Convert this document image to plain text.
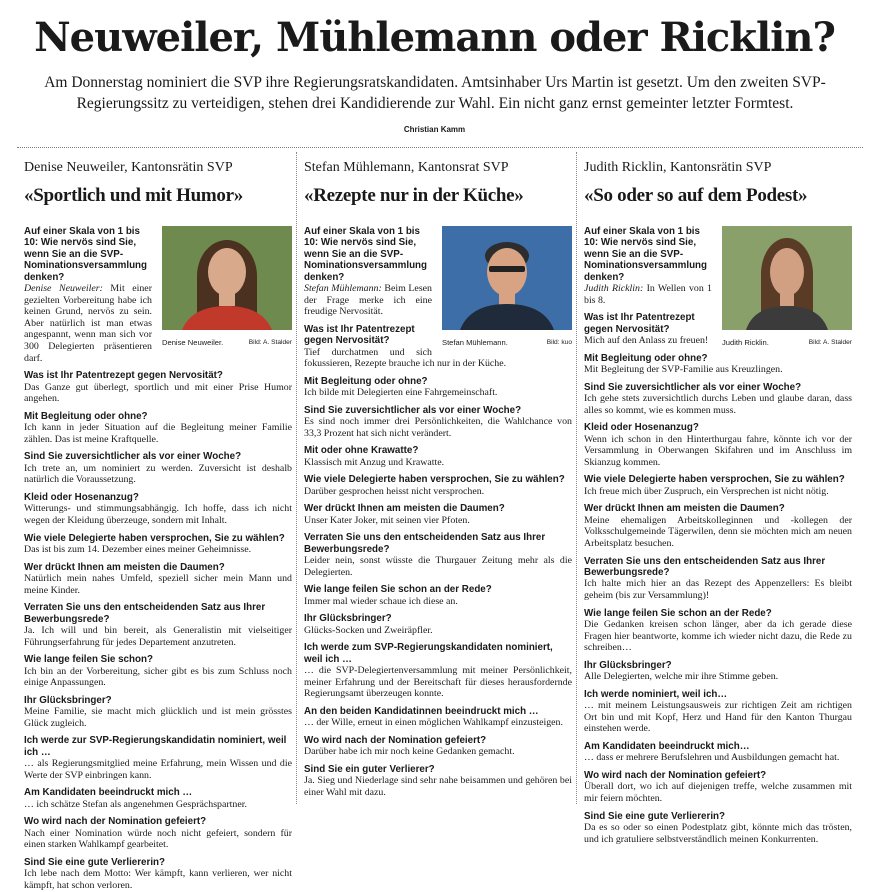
Neuweiler, Mühlemann oder Ricklin?
Am Donnerstag nominiert die SVP ihre Regierungsratskandidaten. Amtsinhaber Urs Martin ist gesetzt. Um den zweiten SVP-Regierungssitz zu verteidigen, stehen drei Kandidierende zur Wahl. Ein nicht ganz ernst gemeinter letzter Formtest.
Christian Kamm
Denise Neuweiler, Kantonsrätin SVP
«Sportlich und mit Humor»
Denise Neuweiler.	Bild: A. Stalder
Auf einer Skala von 1 bis 10: Wie nervös sind Sie, wenn Sie an die SVP-Nominationsversammlung denken?
Denise Neuweiler: Mit einer gezielten Vorbereitung habe ich keinen Grund, nervös zu sein. Aber natürlich ist man etwas angespannt, wenn man sich vor 300 Delegierten präsentieren darf.
Was ist Ihr Patentrezept gegen Nervosität?
Das Ganze gut überlegt, sportlich und mit einer Prise Humor angehen.
Mit Begleitung oder ohne?
Ich kann in jeder Situation auf die Begleitung meiner Familie zählen. Das ist meine Kraftquelle.
Sind Sie zuversichtlicher als vor einer Woche?
Ich trete an, um nominiert zu werden. Zuversicht ist deshalb natürlich die Voraussetzung.
Kleid oder Hosenanzug?
Witterungs- und stimmungsabhängig. Ich hoffe, dass ich nicht wegen der Kleidung überzeuge, sondern mit Inhalt.
Wie viele Delegierte haben versprochen, Sie zu wählen?
Das ist bis zum 14. Dezember eines meiner Geheimnisse.
Wer drückt Ihnen am meisten die Daumen?
Natürlich mein nahes Umfeld, speziell sicher mein Mann und meine Kinder.
Verraten Sie uns den entscheidenden Satz aus Ihrer Bewerbungsrede?
Ja. Ich will und bin bereit, als Generalistin mit vielseitiger Führungserfahrung für jedes Departement anzutreten.
Wie lange feilen Sie schon?
Ich bin an der Vorbereitung, sicher gibt es bis zum Schluss noch einige Anpassungen.
Ihr Glücksbringer?
Meine Familie, sie macht mich glücklich und ist mein grösstes Glück zugleich.
Ich werde zur SVP-Regierungskandidatin nominiert, weil ich …
… als Regierungsmitglied meine Erfahrung, mein Wissen und die Werte der SVP einbringen kann.
Am Kandidaten beeindruckt mich …
… ich schätze Stefan als angenehmen Gesprächspartner.
Wo wird nach der Nomination gefeiert?
Nach einer Nomination würde noch nicht gefeiert, sondern für einen starken Wahlkampf gearbeitet.
Sind Sie eine gute Verliererin?
Ich lebe nach dem Motto: Wer kämpft, kann verlieren, wer nicht kämpft, hat schon verloren.
Stefan Mühlemann, Kantonsrat SVP
«Rezepte nur in der Küche»
Stefan Mühlemann.	Bild: kuo
Auf einer Skala von 1 bis 10: Wie nervös sind Sie, wenn Sie an die SVP-Nominationsversammlung denken?
Stefan Mühlemann: Beim Lesen der Frage merke ich eine freudige Nervosität.
Was ist Ihr Patentrezept gegen Nervosität?
Tief durchatmen und sich fokussieren, Rezepte brauche ich nur in der Küche.
Mit Begleitung oder ohne?
Ich bilde mit Delegierten eine Fahrgemeinschaft.
Sind Sie zuversichtlicher als vor einer Woche?
Es sind noch immer drei Persönlichkeiten, die Wahlchance von 33,3 Prozent hat sich nicht verändert.
Mit oder ohne Krawatte?
Klassisch mit Anzug und Krawatte.
Wie viele Delegierte haben versprochen, Sie zu wählen?
Darüber gesprochen heisst nicht versprochen.
Wer drückt Ihnen am meisten die Daumen?
Unser Kater Joker, mit seinen vier Pfoten.
Verraten Sie uns den entscheidenden Satz aus Ihrer Bewerbungsrede?
Leider nein, sonst wüsste die Thurgauer Zeitung mehr als die Delegierten.
Wie lange feilen Sie schon an der Rede?
Immer mal wieder schaue ich diese an.
Ihr Glücksbringer?
Glücks-Socken und Zweiräpfler.
Ich werde zum SVP-Regierungskandidaten nominiert, weil ich …
… die SVP-Delegiertenversammlung mit meiner Persönlichkeit, meiner Erfahrung und der Bereitschaft für dieses herausfordernde Regierungsamt überzeugen konnte.
An den beiden Kandidatinnen beeindruckt mich …
… der Wille, erneut in einen möglichen Wahlkampf einzusteigen.
Wo wird nach der Nomination gefeiert?
Darüber habe ich mir noch keine Gedanken gemacht.
Sind Sie ein guter Verlierer?
Ja. Sieg und Niederlage sind sehr nahe beisammen und gehören bei einer Wahl mit dazu.
Judith Ricklin, Kantonsrätin SVP
«So oder so auf dem Podest»
Judith Ricklin.	Bild: A. Stalder
Auf einer Skala von 1 bis 10: Wie nervös sind Sie, wenn Sie an die SVP-Nominationsversammlung denken?
Judith Ricklin: In Wellen von 1 bis 8.
Was ist Ihr Patentrezept gegen Nervosität?
Mich auf den Anlass zu freuen!
Mit Begleitung oder ohne?
Mit Begleitung der SVP-Familie aus Kreuzlingen.
Sind Sie zuversichtlicher als vor einer Woche?
Ich gehe stets zuversichtlich durchs Leben und glaube daran, dass alles so kommt, wie es kommen muss.
Kleid oder Hosenanzug?
Wenn ich schon in den Hinterthurgau fahre, könnte ich vor der Versammlung in Oberwangen Skifahren und im Anschluss im Skianzug kommen.
Wie viele Delegierte haben versprochen, Sie zu wählen?
Ich freue mich über Zuspruch, ein Versprechen ist nicht nötig.
Wer drückt Ihnen am meisten die Daumen?
Meine ehemaligen Arbeitskolleginnen und -kollegen der Volksschulgemeinde Tägerwilen, denn sie möchten mich am neuen Arbeitsplatz besuchen.
Verraten Sie uns den entscheidenden Satz aus Ihrer Bewerbungsrede?
Ich halte mich hier an das Rezept des Appenzellers: Es bleibt geheim (bis zur Versammlung)!
Wie lange feilen Sie schon an der Rede?
Die Gedanken kreisen schon länger, aber da ich gerade diese Fragen hier beantworte, komme ich wieder nicht dazu, die Rede zu schreiben…
Ihr Glücksbringer?
Alle Delegierten, welche mir ihre Stimme geben.
Ich werde nominiert, weil ich…
… mit meinem Leistungsausweis zur richtigen Zeit am richtigen Ort bin und mit Kopf, Herz und Hand für den Kanton Thurgau einstehen werde.
Am Kandidaten beeindruckt mich…
… dass er mehrere Berufslehren und Ausbildungen gemacht hat.
Wo wird nach der Nomination gefeiert?
Überall dort, wo ich auf diejenigen treffe, welche zusammen mit mir feiern möchten.
Sind Sie eine gute Verliererin?
Da es so oder so einen Podestplatz gibt, könnte mich das trösten, und ich gratuliere selbstverständlich meinen Konkurrenten.
